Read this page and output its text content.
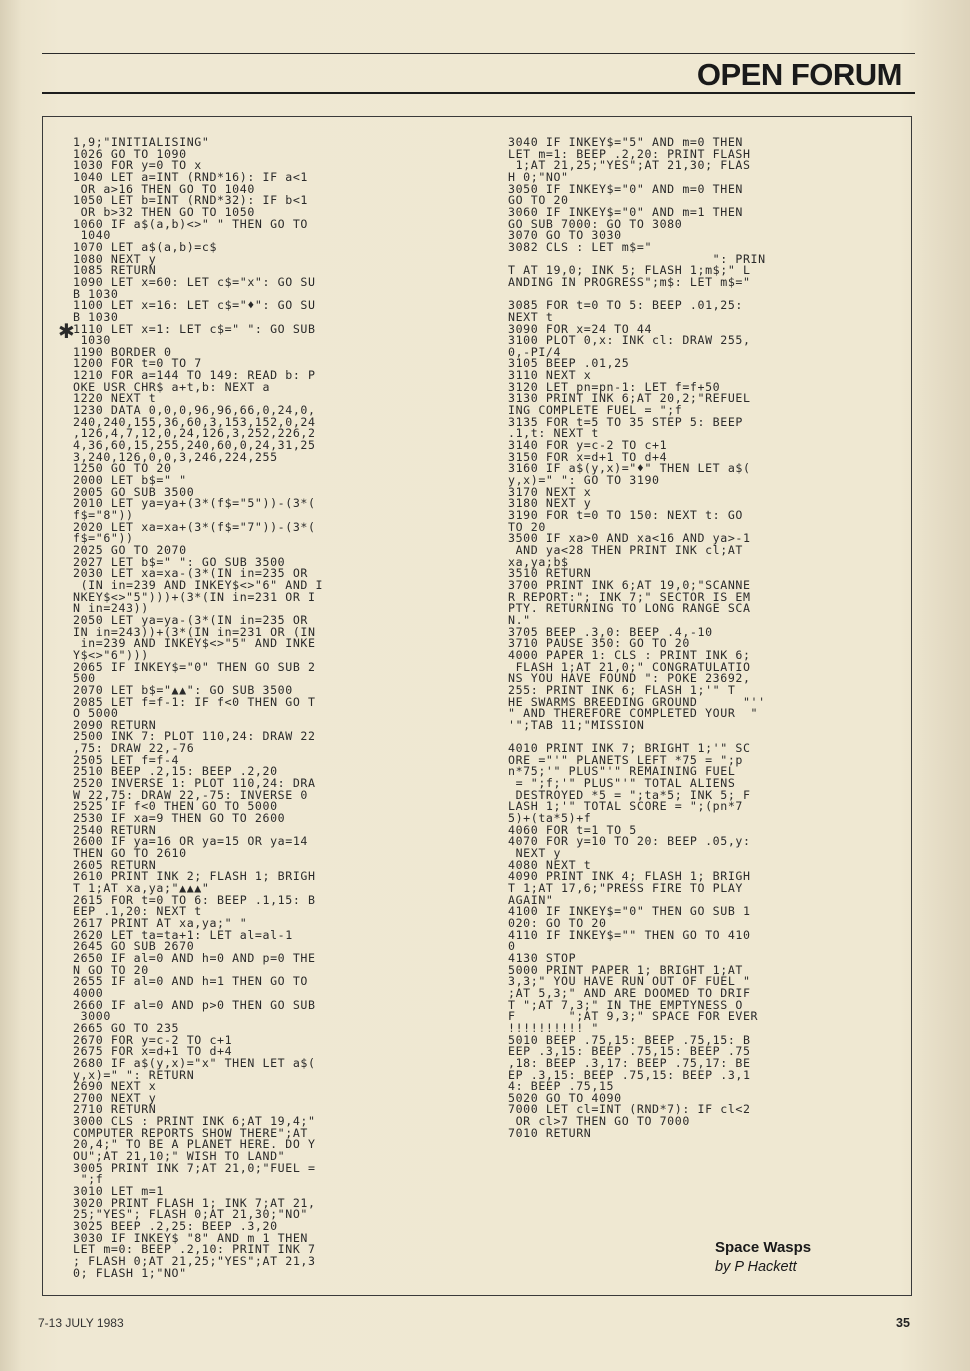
OPEN FORUM
✱
1,9;"INITIALISING"
1026 GO TO 1090
1030 FOR y=0 TO x
1040 LET a=INT (RND*16): IF a<1
OR a>16 THEN GO TO 1040
1050 LET b=INT (RND*32): IF b<1
OR b>32 THEN GO TO 1050
1060 IF a$(a,b)<>" " THEN GO TO
1040
1070 LET a$(a,b)=c$
1080 NEXT y
1085 RETURN
1090 LET x=60: LET c$="x": GO SU
B 1030
1100 LET x=16: LET c$="♦": GO SU
B 1030
1110 LET x=1: LET c$=" ": GO SUB
1030
1190 BORDER 0
1200 FOR t=0 TO 7
1210 FOR a=144 TO 149: READ b: P
OKE USR CHR$ a+t,b: NEXT a
1220 NEXT t
1230 DATA 0,0,0,96,96,66,0,24,0,
240,240,155,36,60,3,153,152,0,24
,126,4,7,12,0,24,126,3,252,226,2
4,36,60,15,255,240,60,0,24,31,25
3,240,126,0,0,3,246,224,255
1250 GO TO 20
2000 LET b$=" "
2005 GO SUB 3500
2010 LET ya=ya+(3*(f$="5"))-(3*(
f$="8"))
2020 LET xa=xa+(3*(f$="7"))-(3*(
f$="6"))
2025 GO TO 2070
2027 LET b$=" ": GO SUB 3500
2030 LET xa=xa-(3*(IN in=235 OR
(IN in=239 AND INKEY$<>"6" AND I
NKEY$<>"5")))+(3*(IN in=231 OR I
N in=243))
2050 LET ya=ya-(3*(IN in=235 OR
IN in=243))+(3*(IN in=231 OR (IN
in=239 AND INKEY$<>"5" AND INKE
Y$<>"6")))
2065 IF INKEY$="0" THEN GO SUB 2
500
2070 LET b$="▲▲": GO SUB 3500
2085 LET f=f-1: IF f<0 THEN GO T
O 5000
2090 RETURN
2500 INK 7: PLOT 110,24: DRAW 22
,75: DRAW 22,-76
2505 LET f=f-4
2510 BEEP .2,15: BEEP .2,20
2520 INVERSE 1: PLOT 110,24: DRA
W 22,75: DRAW 22,-75: INVERSE 0
2525 IF f<0 THEN GO TO 5000
2530 IF xa=9 THEN GO TO 2600
2540 RETURN
2600 IF ya=16 OR ya=15 OR ya=14
THEN GO TO 2610
2605 RETURN
2610 PRINT INK 2; FLASH 1; BRIGH
T 1;AT xa,ya;"▲▲▲"
2615 FOR t=0 TO 6: BEEP .1,15: B
EEP .1,20: NEXT t
2617 PRINT AT xa,ya;" "
2620 LET ta=ta+1: LET al=al-1
2645 GO SUB 2670
2650 IF al=0 AND h=0 AND p=0 THE
N GO TO 20
2655 IF al=0 AND h=1 THEN GO TO
4000
2660 IF al=0 AND p>0 THEN GO SUB
3000
2665 GO TO 235
2670 FOR y=c-2 TO c+1
2675 FOR x=d+1 TO d+4
2680 IF a$(y,x)="x" THEN LET a$(
y,x)=" ": RETURN
2690 NEXT x
2700 NEXT y
2710 RETURN
3000 CLS : PRINT INK 6;AT 19,4;"
COMPUTER REPORTS SHOW THERE";AT
20,4;" TO BE A PLANET HERE. DO Y
OU";AT 21,10;" WISH TO LAND"
3005 PRINT INK 7;AT 21,0;"FUEL =
";f
3010 LET m=1
3020 PRINT FLASH 1; INK 7;AT 21,
25;"YES"; FLASH 0;AT 21,30;"NO"
3025 BEEP .2,25: BEEP .3,20
3030 IF INKEY$ "8" AND m 1 THEN
LET m=0: BEEP .2,10: PRINT INK 7
; FLASH 0;AT 21,25;"YES";AT 21,3
0; FLASH 1;"NO"
3040 IF INKEY$="5" AND m=0 THEN
LET m=1: BEEP .2,20: PRINT FLASH
1;AT 21,25;"YES";AT 21,30; FLAS
H 0;"NO"
3050 IF INKEY$="0" AND m=0 THEN
GO TO 20
3060 IF INKEY$="0" AND m=1 THEN
GO SUB 7000: GO TO 3080
3070 GO TO 3030
3082 CLS : LET m$="
": PRIN
T AT 19,0; INK 5; FLASH 1;m$;" L
ANDING IN PROGRESS";m$: LET m$="

3085 FOR t=0 TO 5: BEEP .01,25:
NEXT t
3090 FOR x=24 TO 44
3100 PLOT 0,x: INK cl: DRAW 255,
0,-PI/4
3105 BEEP .01,25
3110 NEXT x
3120 LET pn=pn-1: LET f=f+50
3130 PRINT INK 6;AT 20,2;"REFUEL
ING COMPLETE FUEL = ";f
3135 FOR t=5 TO 35 STEP 5: BEEP
.1,t: NEXT t
3140 FOR y=c-2 TO c+1
3150 FOR x=d+1 TO d+4
3160 IF a$(y,x)="♦" THEN LET a$(
y,x)=" ": GO TO 3190
3170 NEXT x
3180 NEXT y
3190 FOR t=0 TO 150: NEXT t: GO
TO 20
3500 IF xa>0 AND xa<16 AND ya>-1
AND ya<28 THEN PRINT INK cl;AT
xa,ya;b$
3510 RETURN
3700 PRINT INK 6;AT 19,0;"SCANNE
R REPORT:"; INK 7;" SECTOR IS EM
PTY. RETURNING TO LONG RANGE SCA
N."
3705 BEEP .3,0: BEEP .4,-10
3710 PAUSE 350: GO TO 20
4000 PAPER 1: CLS : PRINT INK 6;
FLASH 1;AT 21,0;" CONGRATULATIO
NS YOU HAVE FOUND ": POKE 23692,
255: PRINT INK 6; FLASH 1;'" T
HE SWARMS BREEDING GROUND      "''
" AND THEREFORE COMPLETED YOUR  "
'";TAB 11;"MISSION

4010 PRINT INK 7; BRIGHT 1;'" SC
ORE ="'" PLANETS LEFT *75 = ";p
n*75;'" PLUS"'" REMAINING FUEL
= ";f;'" PLUS"'" TOTAL ALIENS
DESTROYED *5 = ";ta*5; INK 5; F
LASH 1;'" TOTAL SCORE = ";(pn*7
5)+(ta*5)+f
4060 FOR t=1 TO 5
4070 FOR y=10 TO 20: BEEP .05,y:
NEXT y
4080 NEXT t
4090 PRINT INK 4; FLASH 1; BRIGH
T 1;AT 17,6;"PRESS FIRE TO PLAY
AGAIN"
4100 IF INKEY$="0" THEN GO SUB 1
020: GO TO 20
4110 IF INKEY$="" THEN GO TO 410
0
4130 STOP
5000 PRINT PAPER 1; BRIGHT 1;AT
3,3;" YOU HAVE RUN OUT OF FUEL "
;AT 5,3;" AND ARE DOOMED TO DRIF
T ";AT 7,3;" IN THE EMPTYNESS O
F       ";AT 9,3;" SPACE FOR EVER
!!!!!!!!!! "
5010 BEEP .75,15: BEEP .75,15: B
EEP .3,15: BEEP .75,15: BEEP .75
,18: BEEP .3,17: BEEP .75,17: BE
EP .3,15: BEEP .75,15: BEEP .3,1
4: BEEP .75,15
5020 GO TO 4090
7000 LET cl=INT (RND*7): IF cl<2
OR cl>7 THEN GO TO 7000
7010 RETURN
Space Wasps
by P Hackett
7-13 JULY 1983	35
